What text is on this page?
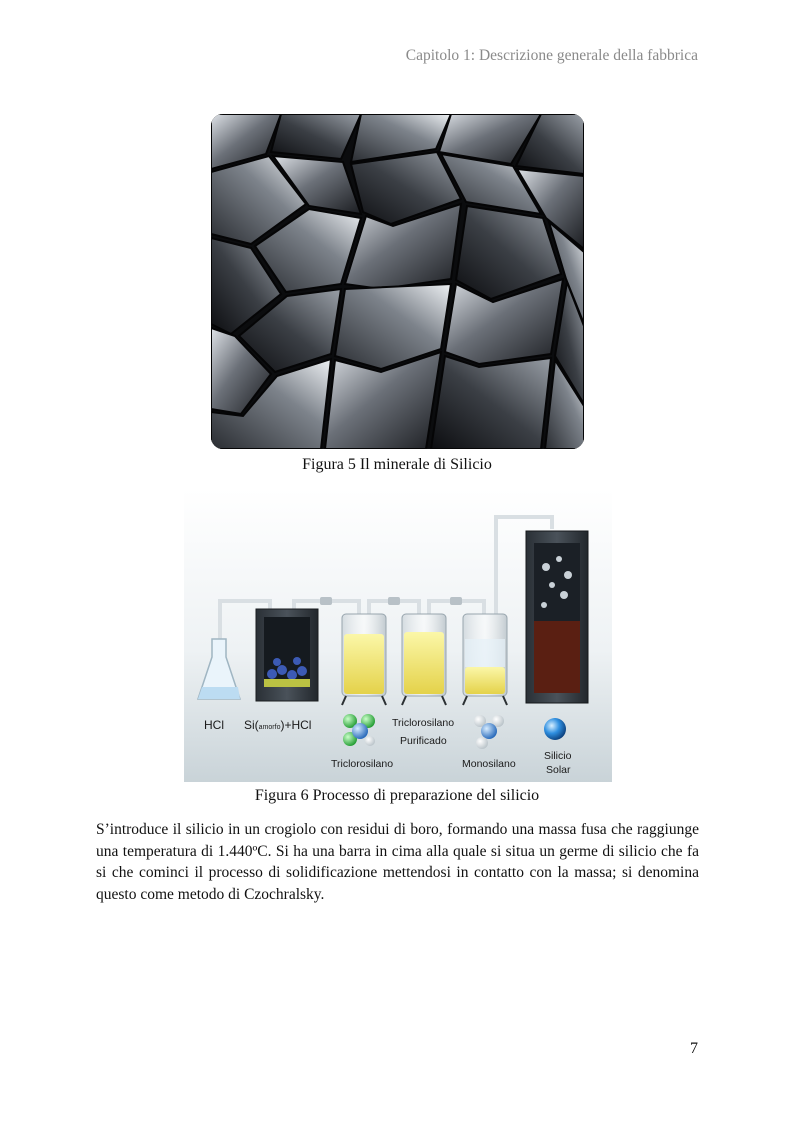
Capitolo 1: Descrizione generale della fabbrica
Figura 5 Il minerale di Silicio
HCl Si(amorfo)+HCl
Triclorosilano
Triclorosilano
Purificado
Monosilano
Silicio
Solar
Figura 6 Processo di preparazione del silicio
S’introduce il silicio in un crogiolo con residui di boro, formando una massa fusa che raggiunge una temperatura di 1.440ºC. Si ha una barra in cima alla quale si situa un germe di silicio che fa si che cominci il processo di solidificazione mettendosi in contatto con la massa; si denomina questo come metodo di Czochralsky.
7
